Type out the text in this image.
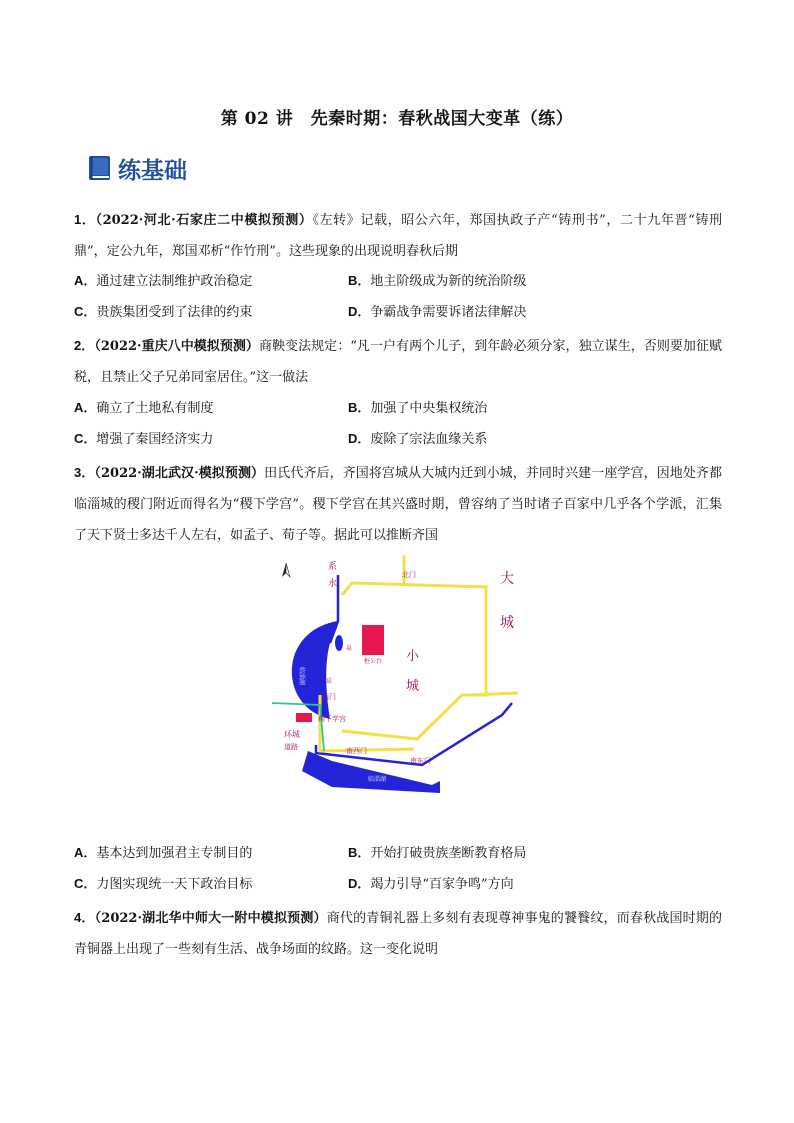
第 02 讲　先秦时期：春秋战国大变革（练）
练基础
1．（2022·河北·石家庄二中模拟预测）《左转》记载，昭公六年，郑国执政子产“铸刑书”，二十九年晋“铸刑鼎”，定公九年，郑国邓析“作竹刑”。这些现象的出现说明春秋后期
A．通过建立法制维护政治稳定	B．地主阶级成为新的统治阶级
C．贵族集团受到了法律的约束	D．争霸战争需要诉诸法律解决
2．（2022·重庆八中模拟预测）商鞅变法规定：“凡一户有两个儿子，到年龄必须分家，独立谋生，否则要加征赋税，且禁止父子兄弟同室居住。”这一做法
A．确立了土地私有制度	B．加强了中央集权统治
C．增强了秦国经济实力	D．废除了宗法血缘关系
3．（2022·湖北武汉·模拟预测）田氏代齐后，齐国将宫城从大城内迁到小城，并同时兴建一座学宫，因地处齐都临淄城的稷门附近而得名为“稷下学宫”。稷下学宫在其兴盛时期，曾容纳了当时诸子百家中几乎各个学派，汇集了天下贤士多达千人左右，如孟子、荀子等。据此可以推断齐国
系
水
北门	大
城
小
城
桓公台
泉
泉
西门
稷下学宫
临淄湖
环城
道路	南西门
南东门
临淄湖
A．基本达到加强君主专制目的	B．开始打破贵族垄断教育格局
C．力图实现统一天下政治目标	D．竭力引导“百家争鸣”方向
4．（2022·湖北华中师大一附中模拟预测）商代的青铜礼器上多刻有表现尊神事鬼的饕餮纹，而春秋战国时期的青铜器上出现了一些刻有生活、战争场面的纹路。这一变化说明
